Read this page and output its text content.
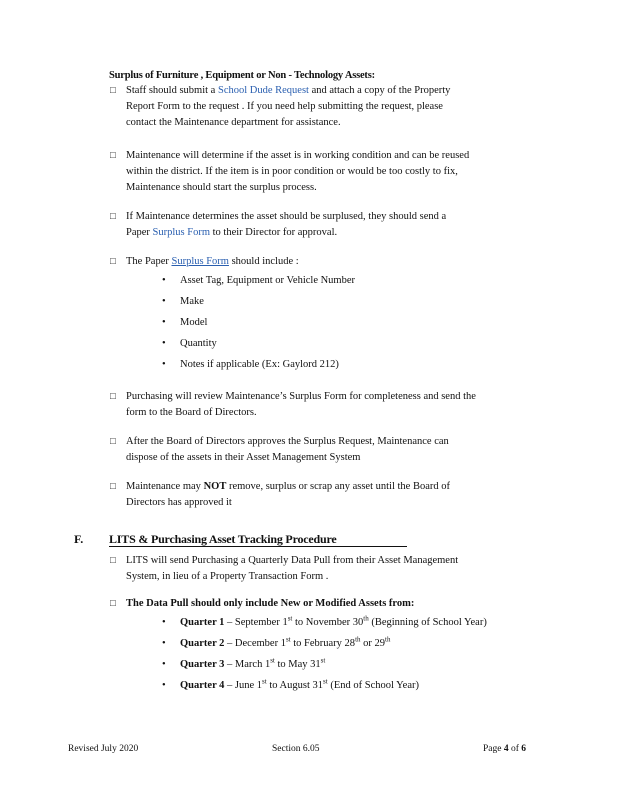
Surplus of Furniture , Equipment or Non - Technology Assets:
□ Staff should submit a School Dude Request and attach a copy of the Property

Report Form to the request . If you need help submitting the request, please

contact the Maintenance department for assistance.

□ Maintenance will determine if the asset is in working condition and can be reused

within the district. If the item is in poor condition or would be too costly to fix,

Maintenance should start the surplus process.

□ If Maintenance determines the asset should be surplused, they should send a

Paper Surplus Form to their Director for approval.

□ The Paper Surplus Form should include :

• Asset Tag, Equipment or Vehicle Number
• Make
• Model
• Quantity
• Notes if applicable (Ex: Gaylord 212)
□ Purchasing will review Maintenance’s Surplus Form for completeness and send the

form to the Board of Directors.

□ After the Board of Directors approves the Surplus Request, Maintenance can

dispose of the assets in their Asset Management System

□ Maintenance may NOT remove, surplus or scrap any asset until the Board of

Directors has approved it

F. LITS & Purchasing Asset Tracking Procedure
□ LITS will send Purchasing a Quarterly Data Pull from their Asset Management

System, in lieu of a Property Transaction Form .

□ The Data Pull should only include New or Modified Assets from:

• Quarter 1 – September 1st to November 30th (Beginning of School Year)
• Quarter 2 – December 1st to February 28th or 29th
• Quarter 3 – March 1st to May 31st
• Quarter 4 – June 1st to August 31st (End of School Year)
Revised July 2020	Section 6.05	Page 4 of 6
